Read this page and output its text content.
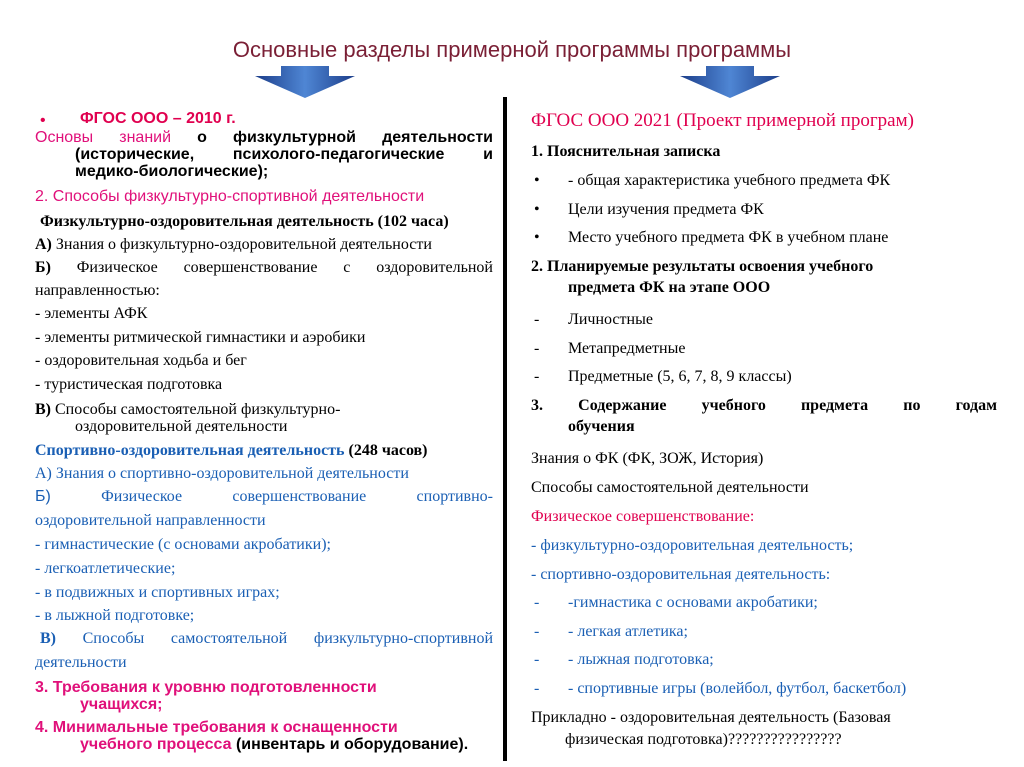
Основные разделы примерной программы программы
•	ФГОС ООО – 2010 г.
Основы знаний о физкультурной деятельности
(исторические, психолого-педагогические и
медико-биологические);
2. Способы физкультурно-спортивной деятельности
Физкультурно-оздоровительная деятельность (102 часа)
А) Знания о физкультурно-оздоровительной деятельности
Б) Физическое совершенствование с оздоровительной
направленностью:
- элементы АФК
- элементы ритмической гимнастики и аэробики
- оздоровительная ходьба и бег
- туристическая подготовка
В) Способы самостоятельной физкультурно-
оздоровительной деятельности
Спортивно-оздоровительная деятельность (248 часов)
А) Знания о спортивно-оздоровительной деятельности
Б) Физическое совершенствование спортивно-
оздоровительной направленности
- гимнастические (с основами акробатики);
- легкоатлетические;
- в подвижных и спортивных играх;
- в лыжной подготовке;
В) Способы самостоятельной физкультурно-спортивной
деятельности
3. Требования к уровню подготовленности
учащихся;
4. Минимальные требования к оснащенности
учебного процесса (инвентарь и оборудование).
ФГОС ООО 2021 (Проект примерной програм)
1. Пояснительная записка
• - общая характеристика учебного предмета ФК
• Цели изучения предмета ФК
• Место учебного предмета ФК в учебном плане
2. Планируемые результаты освоения учебного
предмета ФК на этапе ООО
- Личностные
- Метапредметные
- Предметные (5, 6, 7, 8, 9 классы)
3. Содержание учебного предмета по годам
обучения
Знания о ФК (ФК, ЗОЖ, История)
Способы самостоятельной деятельности
Физическое совершенствование:
- физкультурно-оздоровительная деятельность;
- спортивно-оздоровительная деятельность:
- -гимнастика с основами акробатики;
- - легкая атлетика;
- - лыжная подготовка;
- - спортивные игры (волейбол, футбол, баскетбол)
Прикладно - оздоровительная деятельность (Базовая
физическая подготовка)????????????????
